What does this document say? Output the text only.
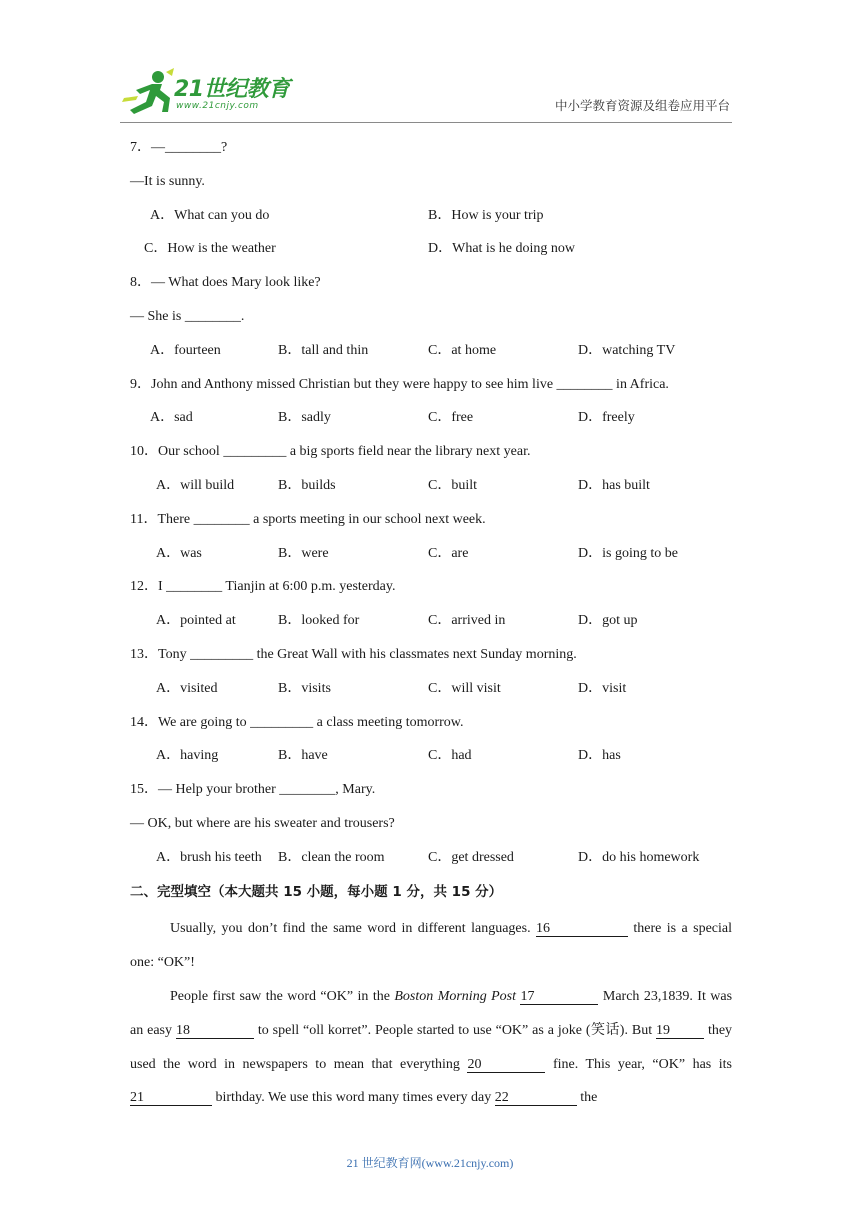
21世纪教育
www.21cnjy.com	中小学教育资源及组卷应用平台
7．—________?
—It is sunny.
A．What can you do	B．How is your trip
C．How is the weather	D．What is he doing now
8．— What does Mary look like?
— She is ________.
A．fourteen	B．tall and thin	C．at home	D．watching TV
9．John and Anthony missed Christian but they were happy to see him live ________ in Africa.
A．sad	B．sadly	C．free	D．freely
10．Our school _________ a big sports field near the library next year.
A．will build	B．builds	C．built	D．has built
11．There ________ a sports meeting in our school next week.
A．was	B．were	C．are	D．is going to be
12．I ________ Tianjin at 6:00 p.m. yesterday.
A．pointed at	B．looked for	C．arrived in	D．got up
13．Tony _________ the Great Wall with his classmates next Sunday morning.
A．visited	B．visits	C．will visit	D．visit
14．We are going to _________ a class meeting tomorrow.
A．having	B．have	C．had	D．has
15．— Help your brother ________, Mary.
— OK, but where are his sweater and trousers?
A．brush his teeth B．clean the room	C．get dressed	D．do his homework
二、完型填空（本大题共 15 小题，每小题 1 分，共 15 分）
Usually, you don’t find the same word in different languages. 16	there is a special one: “OK”!
People first saw the word “OK” in the Boston Morning Post 17	March 23,1839. It was an easy 18	to spell “oll korret”. People started to use “OK” as a joke (笑话). But 19	they used the word in newspapers to mean that everything 20	fine. This year, “OK” has its 21	birthday. We use this word many times every day 22	the
21 世纪教育网(www.21cnjy.com)
